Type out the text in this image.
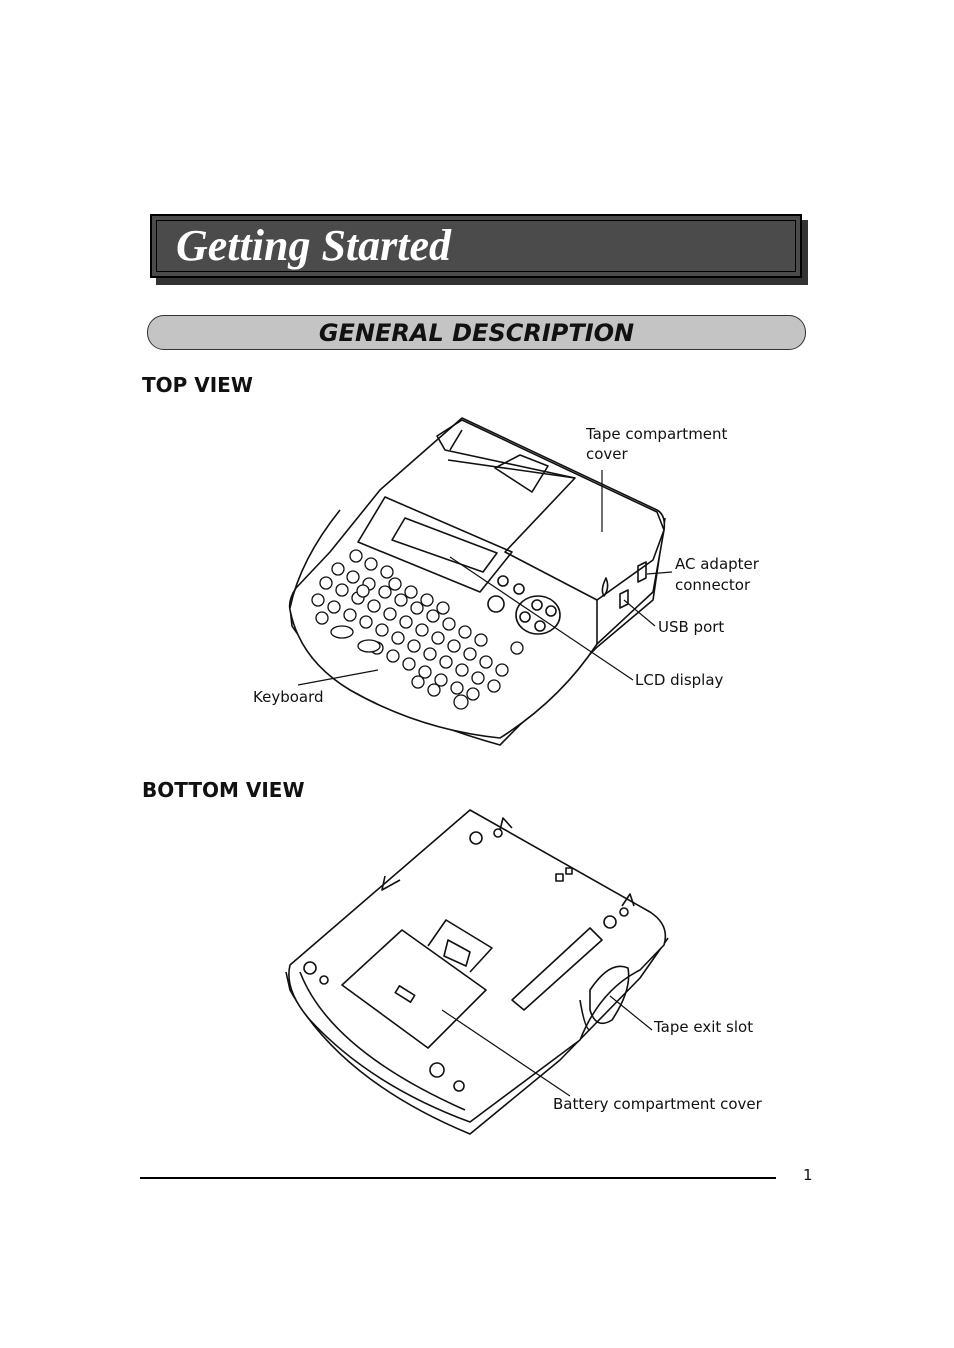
Getting Started
GENERAL DESCRIPTION
TOP VIEW

Tape compartment

cover

AC adapter

connector

USB port

LCD display

Keyboard

BOTTOM VIEW

Tape exit slot

Battery compartment cover

1
